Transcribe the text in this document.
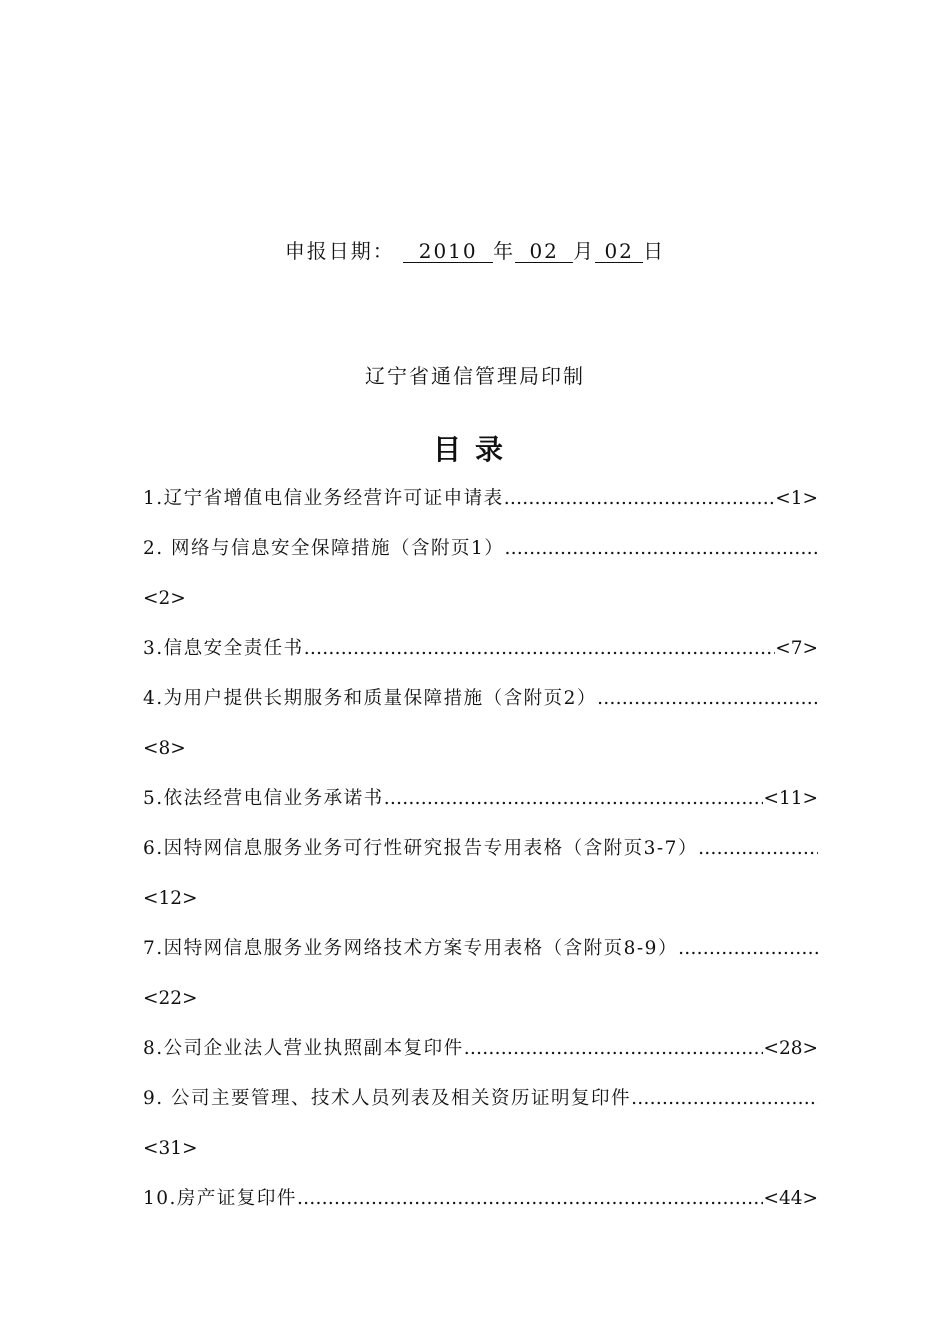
申报日期： 2010 年 02 月 02 日
辽宁省通信管理局印制
目录
1.辽宁省增值电信业务经营许可证申请表 ……………………………………………………………………………………………………………………………………	<1>
2. 网络与信息安全保障措施（含附页1）
……………………………………………………………………………………………………………………………………
<2>
3.信息安全责任书 ……………………………………………………………………………………………………………………………………	<7>
4.为用户提供长期服务和质量保障措施（含附页2）
……………………………………………………………………………………………………………………………………
<8>
5.依法经营电信业务承诺书 ……………………………………………………………………………………………………………………………………	<11>
6.因特网信息服务业务可行性研究报告专用表格（含附页3-7）
……………………………………………………………………………………………………………………………………
<12>
7.因特网信息服务业务网络技术方案专用表格（含附页8-9）
……………………………………………………………………………………………………………………………………
<22>
8.公司企业法人营业执照副本复印件 ……………………………………………………………………………………………………………………………………	<28>
9. 公司主要管理、技术人员列表及相关资历证明复印件
……………………………………………………………………………………………………………………………………
<31>
10.房产证复印件 ……………………………………………………………………………………………………………………………………	<44>
